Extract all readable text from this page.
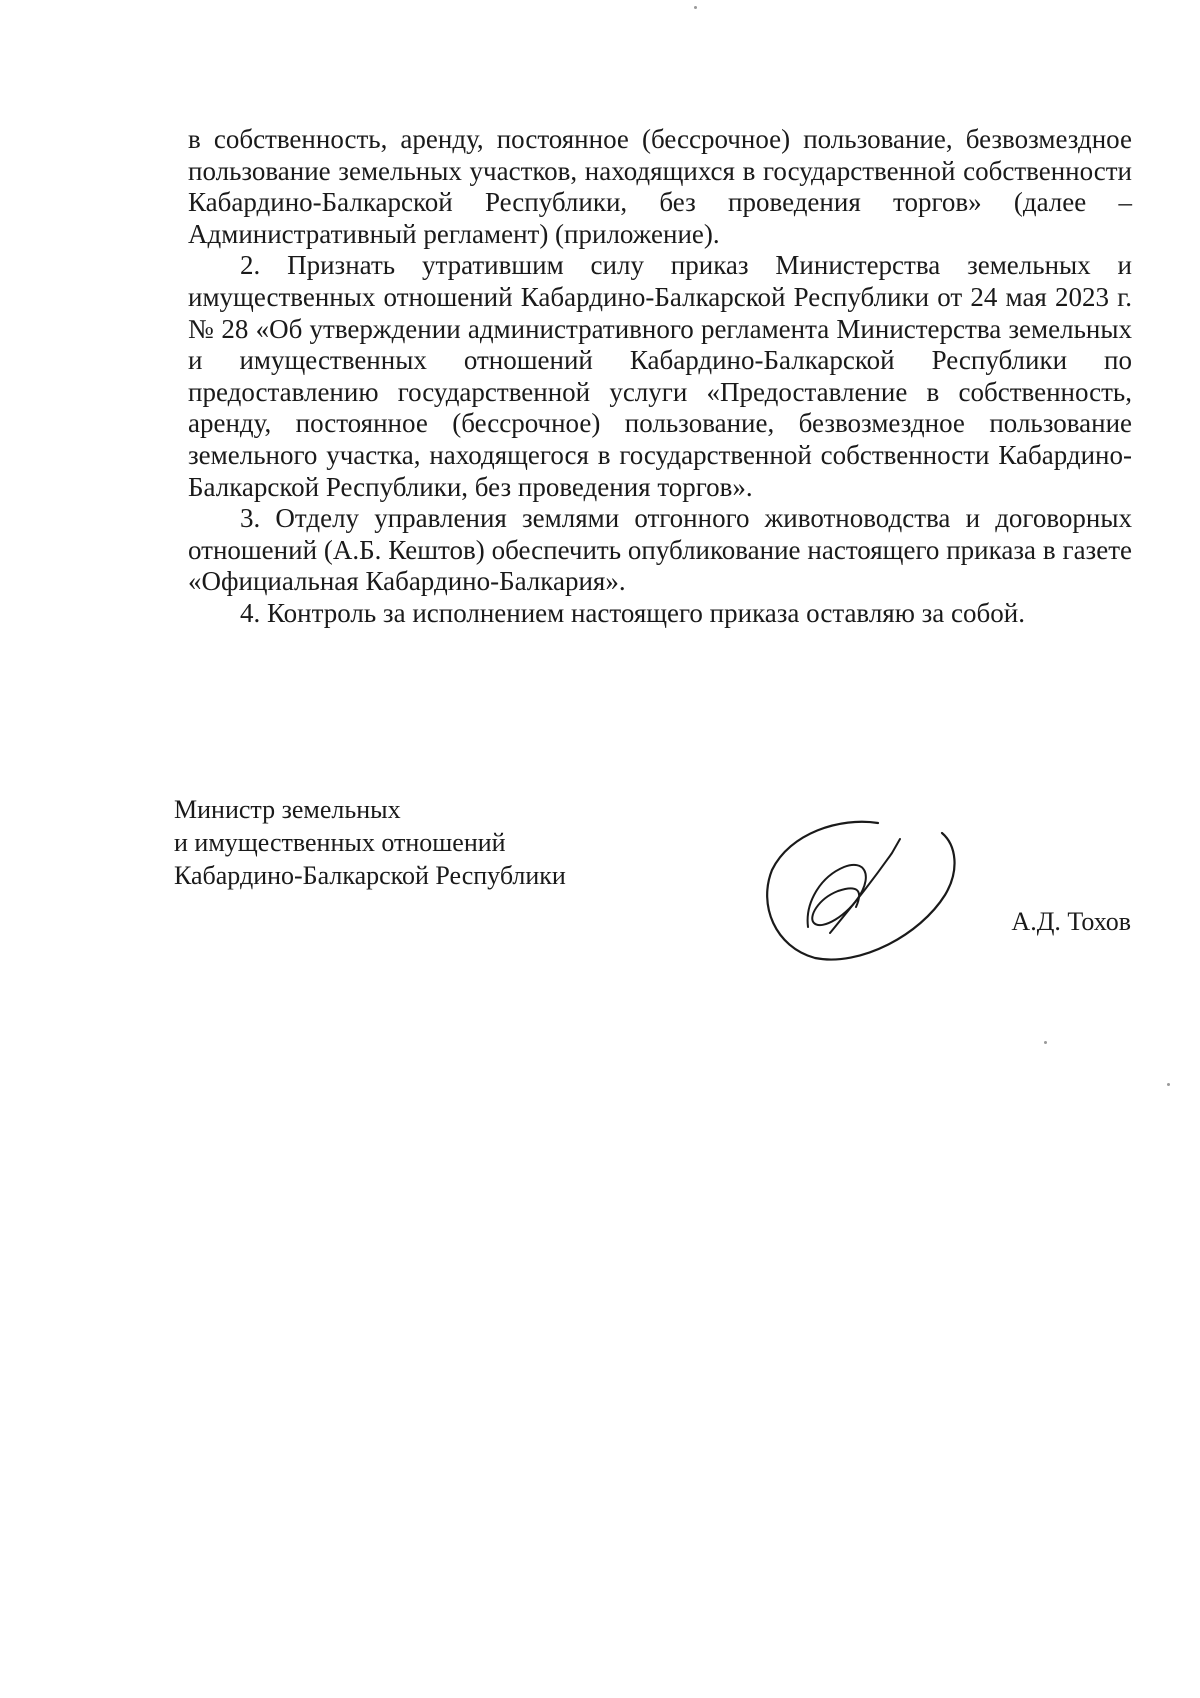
в собственность, аренду, постоянное (бессрочное) пользование, безвозмездное пользование земельных участков, находящихся в государственной собственности Кабардино-Балкарской Республики, без проведения торгов» (далее – Административный регламент) (приложение).

2. Признать утратившим силу приказ Министерства земельных и имущественных отношений Кабардино-Балкарской Республики от 24 мая 2023 г. № 28 «Об утверждении административного регламента Министерства земельных и имущественных отношений Кабардино-Балкарской Республики по предоставлению государственной услуги «Предоставление в собственность, аренду, постоянное (бессрочное) пользование, безвозмездное пользование земельного участка, находящегося в государственной собственности Кабардино-Балкарской Республики, без проведения торгов».

3. Отделу управления землями отгонного животноводства и договорных отношений (А.Б. Кештов) обеспечить опубликование настоящего приказа в газете «Официальная Кабардино-Балкария».

4. Контроль за исполнением настоящего приказа оставляю за собой.

Министр земельных
и имущественных отношений
Кабардино-Балкарской Республики
А.Д. Тохов
